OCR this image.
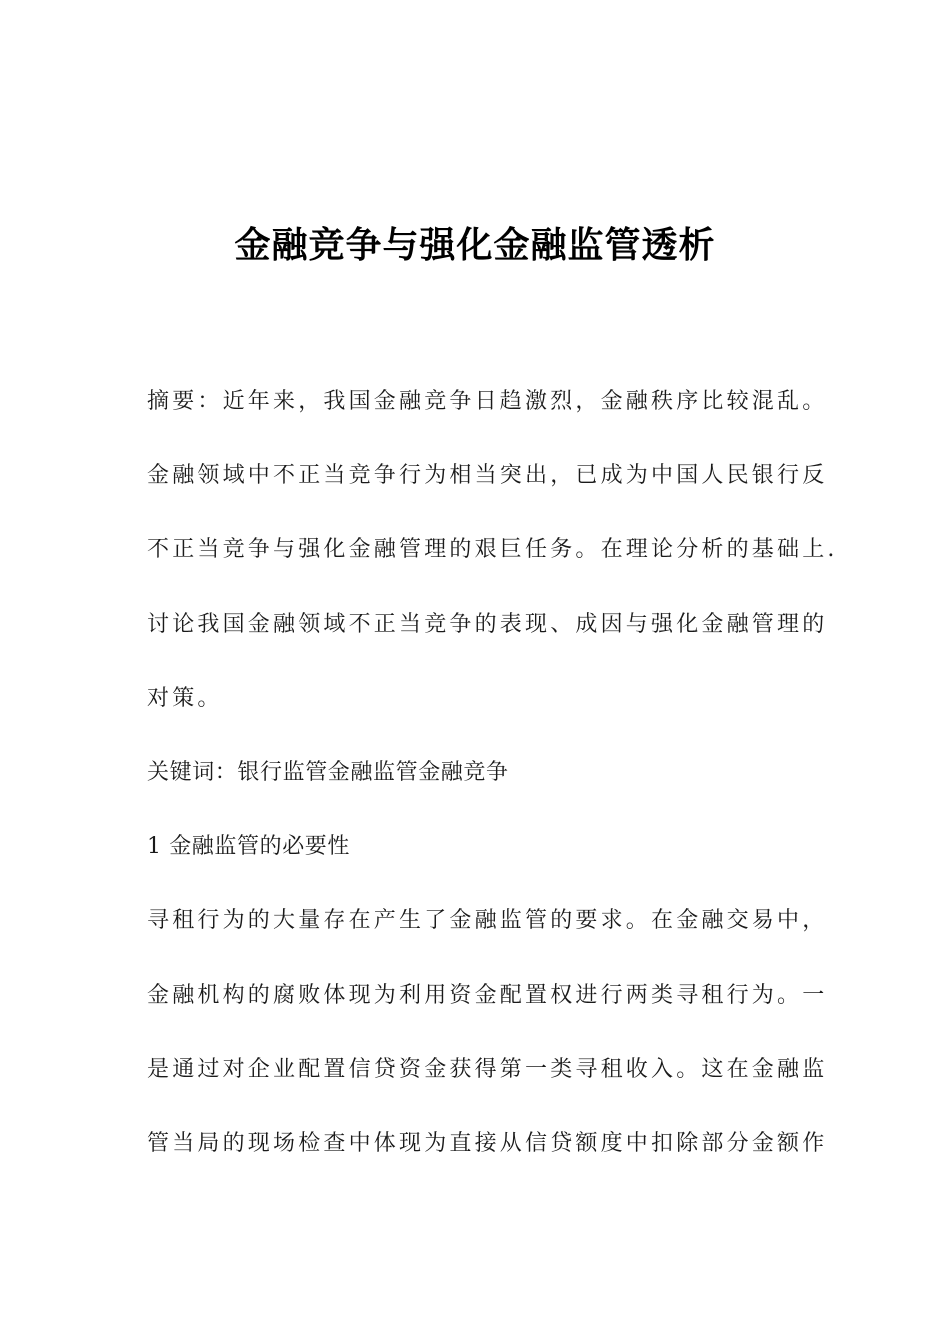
金融竞争与强化金融监管透析
摘要：近年来，我国金融竞争日趋激烈，金融秩序比较混乱。
金融领域中不正当竞争行为相当突出，已成为中国人民银行反
不正当竞争与强化金融管理的艰巨任务。在理论分析的基础上.
讨论我国金融领域不正当竞争的表现、成因与强化金融管理的
对策。
关键词：银行监管金融监管金融竞争
1 金融监管的必要性
寻租行为的大量存在产生了金融监管的要求。在金融交易中，
金融机构的腐败体现为利用资金配置权进行两类寻租行为。一
是通过对企业配置信贷资金获得第一类寻租收入。这在金融监
管当局的现场检查中体现为直接从信贷额度中扣除部分金额作
